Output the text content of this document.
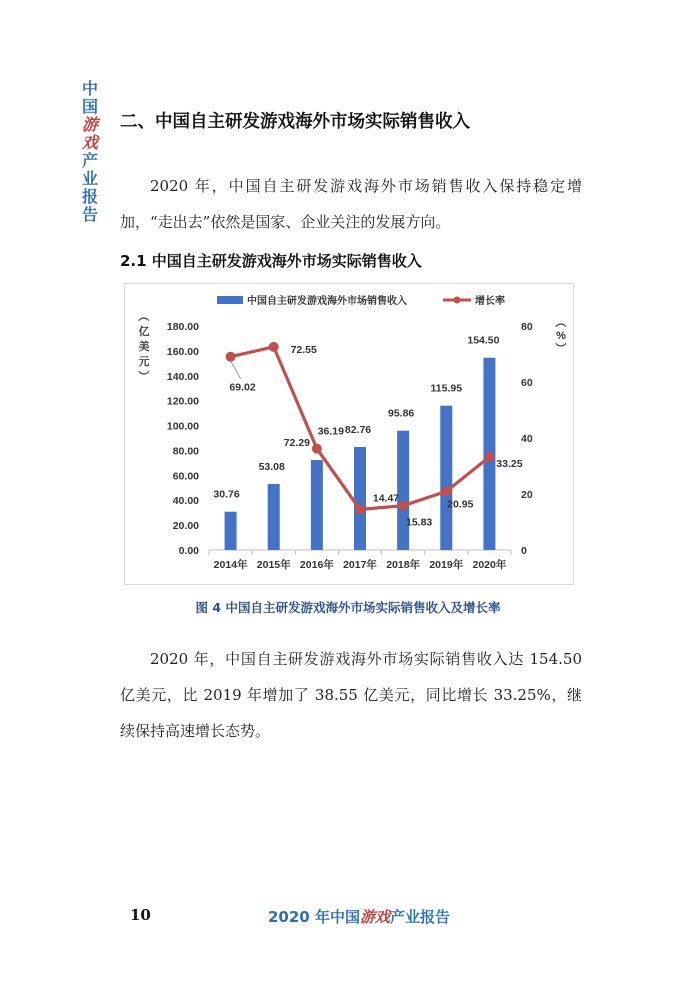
中
国
游
戏
产
业
报
告
二、中国自主研发游戏海外市场实际销售收入
2020 年，中国自主研发游戏海外市场销售收入保持稳定增加，“走出去”依然是国家、企业关注的发展方向。
2.1 中国自主研发游戏海外市场实际销售收入
中国自主研发游戏海外市场销售收入	增长率
（
亿
美
元
）
（
%
）
0.00
20.00
40.00
60.00
80.00
100.00
120.00
140.00
160.00
180.00
0
20
40
60
80
2014年 2015年 2016年 2017年 2018年 2019年 2020年
30.76
53.08
72.29
82.76
95.86
115.95
154.50
69.02
72.55
36.19
14.47
15.83
20.95
33.25
图 4 中国自主研发游戏海外市场实际销售收入及增长率
2020 年，中国自主研发游戏海外市场实际销售收入达 154.50 亿美元，比 2019 年增加了 38.55 亿美元，同比增长 33.25%，继续保持高速增长态势。
10	2020 年中国游戏产业报告
